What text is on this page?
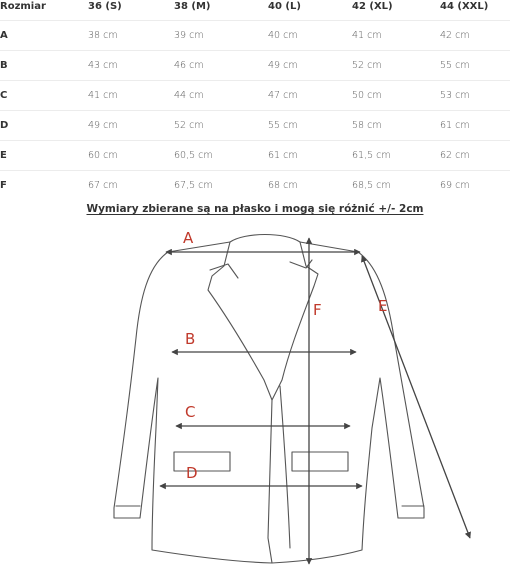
Rozmiar	36 (S)	38 (M)	40 (L)	42 (XL)	44 (XXL)
A	38 cm	39 cm	40 cm	41 cm	42 cm
B	43 cm	46 cm	49 cm	52 cm	55 cm
C	41 cm	44 cm	47 cm	50 cm	53 cm
D	49 cm	52 cm	55 cm	58 cm	61 cm
E	60 cm	60,5 cm	61 cm	61,5 cm	62 cm
F	67 cm	67,5 cm	68 cm	68,5 cm	69 cm
Wymiary zbierane są na płasko i mogą się różnić +/- 2cm
A
B
C
D
E
F
